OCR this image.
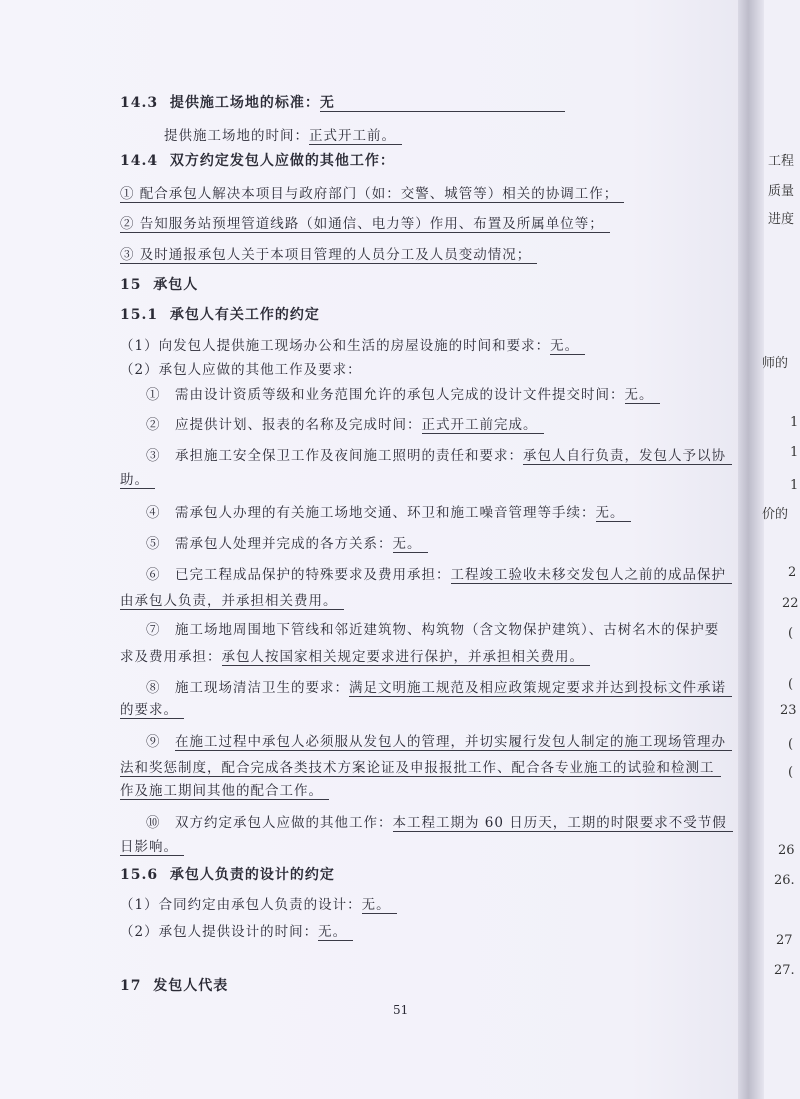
14.3 提供施工场地的标准：无
提供施工场地的时间：正式开工前。
14.4 双方约定发包人应做的其他工作：
① 配合承包人解决本项目与政府部门（如：交警、城管等）相关的协调工作；
② 告知服务站预埋管道线路（如通信、电力等）作用、布置及所属单位等；
③ 及时通报承包人关于本项目管理的人员分工及人员变动情况；
15 承包人
15.1 承包人有关工作的约定
（1）向发包人提供施工现场办公和生活的房屋设施的时间和要求：无。
（2）承包人应做的其他工作及要求：
①　需由设计资质等级和业务范围允许的承包人完成的设计文件提交时间：无。
②　应提供计划、报表的名称及完成时间：正式开工前完成。
③　承担施工安全保卫工作及夜间施工照明的责任和要求：承包人自行负责，发包人予以协
助。
④　需承包人办理的有关施工场地交通、环卫和施工噪音管理等手续：无。
⑤　需承包人处理并完成的各方关系：无。
⑥　已完工程成品保护的特殊要求及费用承担：工程竣工验收未移交发包人之前的成品保护
由承包人负责，并承担相关费用。
⑦　施工场地周围地下管线和邻近建筑物、构筑物（含文物保护建筑）、古树名木的保护要
求及费用承担：承包人按国家相关规定要求进行保护，并承担相关费用。
⑧　施工现场清洁卫生的要求：满足文明施工规范及相应政策规定要求并达到投标文件承诺
的要求。
⑨　在施工过程中承包人必须服从发包人的管理，并切实履行发包人制定的施工现场管理办
法和奖惩制度，配合完成各类技术方案论证及申报报批工作、配合各专业施工的试验和检测工
作及施工期间其他的配合工作。
⑩　双方约定承包人应做的其他工作：本工程工期为 60 日历天，工期的时限要求不受节假
日影响。
15.6 承包人负责的设计的约定
（1）合同约定由承包人负责的设计：无。
（2）承包人提供设计的时间：无。
17 发包人代表
51
工程
质量
进度
师的
1
1
1
价的
2
22
(
(
23
(
(
26
26.
27
27.
